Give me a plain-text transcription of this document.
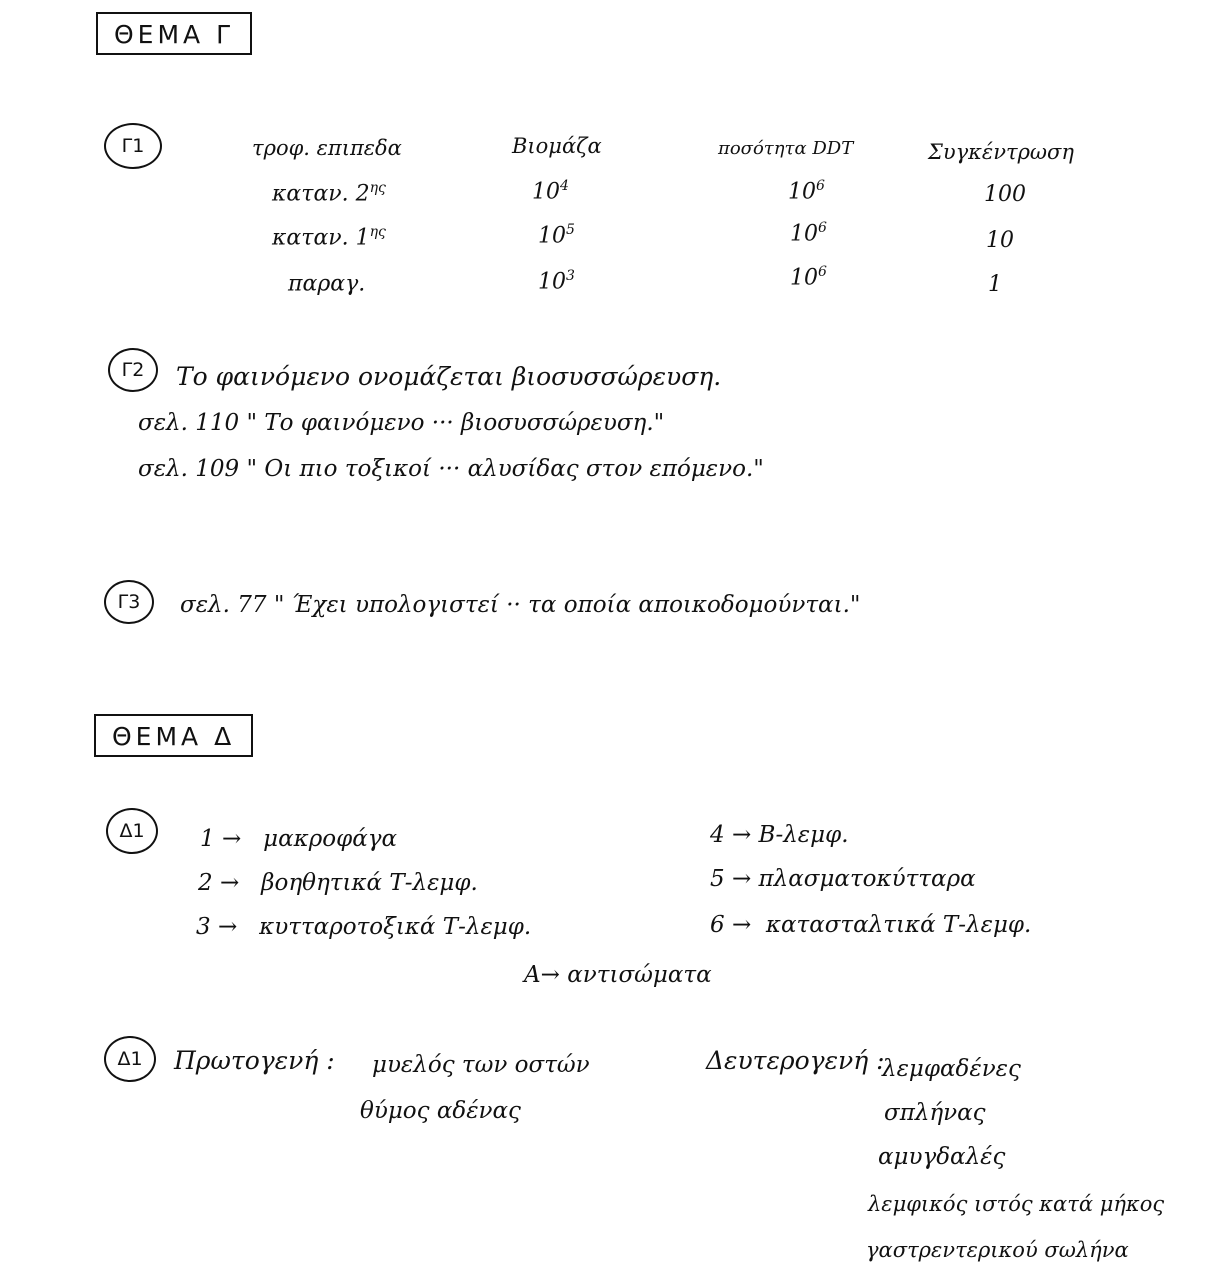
ΘΕΜΑ Γ
Γ1	τροφ. επιπεδα	Βιομάζα	ποσότητα DDT	Συγκέντρωση
καταν. $2^{\eta\varsigma}$	$10^4$	$10^6$	100
καταν. $1^{\eta\varsigma}$	$10^5$	$10^6$	10
παραγ.	$10^3$	$10^6$	1
Γ2	Το φαινόμενο ονομάζεται βιοσυσσώρευση.
σελ. 110 " Το φαινόμενο ··· βιοσυσσώρευση."
σελ. 109 " Οι πιο τοξικοί ··· αλυσίδας στον επόμενο."
Γ3	σελ. 77 " Έχει υπολογιστεί ·· τα οποία αποικοδομούνται."
ΘΕΜΑ Δ
Δ1	1 → μακροφάγα
2 → βοηθητικά Τ-λεμφ.
3 → κυτταροτοξικά Τ-λεμφ.
4 → Β-λεμφ.
5 → πλασματοκύτταρα
6 → κατασταλτικά Τ-λεμφ.
Α→ αντισώματα
Δ1	Πρωτογενή : μυελός των οστών
θύμος αδένας
Δευτερογενή :
λεμφαδένες
σπλήνας
αμυγδαλές
λεμφικός ιστός κατά μήκος
γαστρεντερικού σωλήνα
